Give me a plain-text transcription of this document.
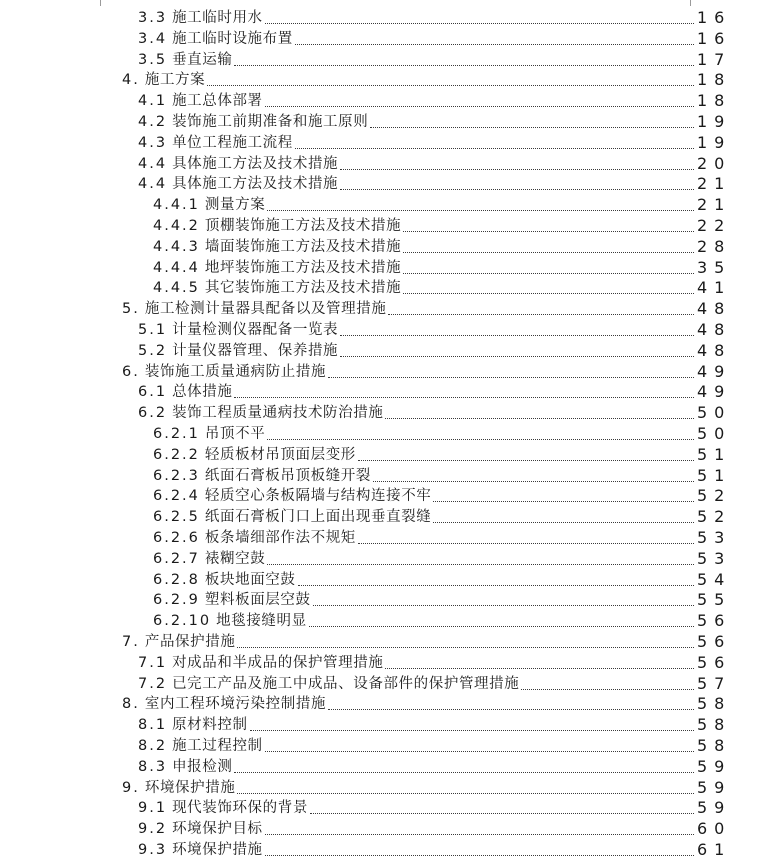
3.3 施工临时用水	16
3.4 施工临时设施布置	16
3.5 垂直运输	17
4. 施工方案	18
4.1 施工总体部署	18
4.2 装饰施工前期准备和施工原则	19
4.3 单位工程施工流程	19
4.4 具体施工方法及技术措施	20
4.4 具体施工方法及技术措施	21
4.4.1 测量方案	21
4.4.2 顶棚装饰施工方法及技术措施	22
4.4.3 墙面装饰施工方法及技术措施	28
4.4.4 地坪装饰施工方法及技术措施	35
4.4.5 其它装饰施工方法及技术措施	41
5. 施工检测计量器具配备以及管理措施	48
5.1 计量检测仪器配备一览表	48
5.2 计量仪器管理、保养措施	48
6. 装饰施工质量通病防止措施	49
6.1 总体措施	49
6.2 装饰工程质量通病技术防治措施	50
6.2.1 吊顶不平	50
6.2.2 轻质板材吊顶面层变形	51
6.2.3 纸面石膏板吊顶板缝开裂	51
6.2.4 轻质空心条板隔墙与结构连接不牢	52
6.2.5 纸面石膏板门口上面出现垂直裂缝	52
6.2.6 板条墙细部作法不规矩	53
6.2.7 裱糊空鼓	53
6.2.8 板块地面空鼓	54
6.2.9 塑料板面层空鼓	55
6.2.10 地毯接缝明显	56
7. 产品保护措施	56
7.1 对成品和半成品的保护管理措施	56
7.2 已完工产品及施工中成品、设备部件的保护管理措施	57
8. 室内工程环境污染控制措施	58
8.1 原材料控制	58
8.2 施工过程控制	58
8.3 申报检测	59
9. 环境保护措施	59
9.1 现代装饰环保的背景	59
9.2 环境保护目标	60
9.3 环境保护措施	61
